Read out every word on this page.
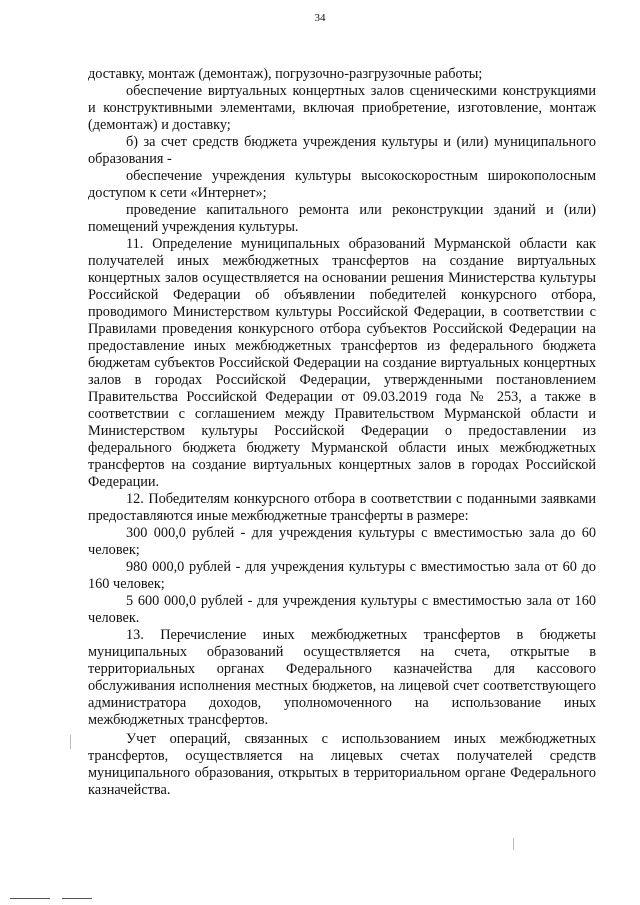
34

доставку, монтаж (демонтаж), погрузочно-разгрузочные работы;

обеспечение виртуальных концертных залов сценическими конструкциями и конструктивными элементами, включая приобретение, изготовление, монтаж (демонтаж) и доставку;

б) за счет средств бюджета учреждения культуры и (или) муниципального образования -

обеспечение учреждения культуры высокоскоростным широкополосным доступом к сети «Интернет»;

проведение капитального ремонта или реконструкции зданий и (или) помещений учреждения культуры.

11. Определение муниципальных образований Мурманской области как получателей иных межбюджетных трансфертов на создание виртуальных концертных залов осуществляется на основании решения Министерства культуры Российской Федерации об объявлении победителей конкурсного отбора, проводимого Министерством культуры Российской Федерации, в соответствии с Правилами проведения конкурсного отбора субъектов Российской Федерации на предоставление иных межбюджетных трансфертов из федерального бюджета бюджетам субъектов Российской Федерации на создание виртуальных концертных залов в городах Российской Федерации, утвержденными постановлением Правительства Российской Федерации от 09.03.2019 года № 253, а также в соответствии с соглашением между Правительством Мурманской области и Министерством культуры Российской Федерации о предоставлении из федерального бюджета бюджету Мурманской области иных межбюджетных трансфертов на создание виртуальных концертных залов в городах Российской Федерации.

12. Победителям конкурсного отбора в соответствии с поданными заявками предоставляются иные межбюджетные трансферты в размере:

300 000,0 рублей - для учреждения культуры с вместимостью зала до 60 человек;

980 000,0 рублей - для учреждения культуры с вместимостью зала от 60 до 160 человек;

5 600 000,0 рублей - для учреждения культуры с вместимостью зала от 160 человек.

13. Перечисление иных межбюджетных трансфертов в бюджеты муниципальных образований осуществляется на счета, открытые в территориальных органах Федерального казначейства для кассового обслуживания исполнения местных бюджетов, на лицевой счет соответствующего администратора доходов, уполномоченного на использование иных межбюджетных трансфертов.

Учет операций, связанных с использованием иных межбюджетных трансфертов, осуществляется на лицевых счетах получателей средств муниципального образования, открытых в территориальном органе Федерального казначейства.
